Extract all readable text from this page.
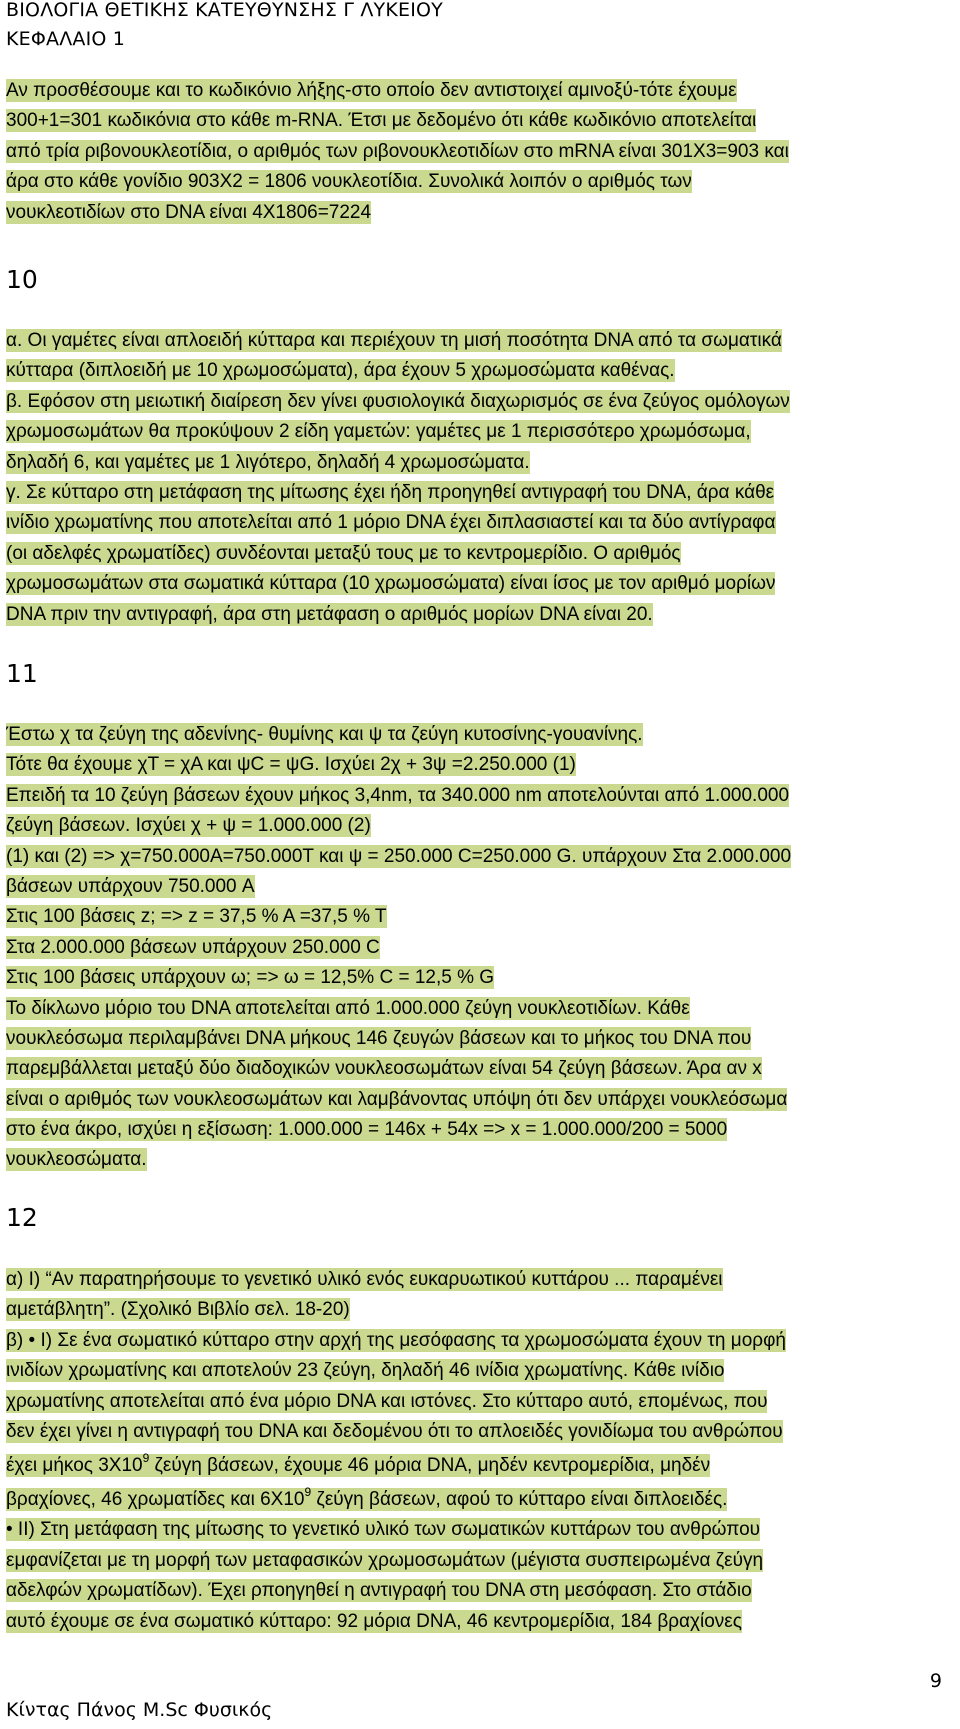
ΒΙΟΛΟΓΙΑ ΘΕΤΙΚΗΣ ΚΑΤΕΥΘΥΝΣΗΣ Γ ΛΥΚΕΙΟΥ
ΚΕΦΑΛΑΙΟ 1
Αν προσθέσουμε και το κωδικόνιο λήξης-στο οποίο δεν αντιστοιχεί αμινοξύ-τότε έχουμε
300+1=301 κωδικόνια στο κάθε m-RNA. Έτσι με δεδομένο ότι κάθε κωδικόνιο αποτελείται
από τρία ριβονουκλεοτίδια, ο αριθμός των ριβονουκλεοτιδίων στο mRNA είναι 301X3=903 και
άρα στο κάθε γονίδιο 903X2 = 1806 νουκλεοτίδια. Συνολικά λοιπόν ο αριθμός των
νουκλεοτιδίων στο DNA είναι 4X1806=7224
10
α. Οι γαμέτες είναι απλοειδή κύτταρα και περιέχουν τη μισή ποσότητα DNA από τα σωματικά
κύτταρα (διπλοειδή με 10 χρωμοσώματα), άρα έχουν 5 χρωμοσώματα καθένας.
β. Εφόσον στη μειωτική διαίρεση δεν γίνει φυσιολογικά διαχωρισμός σε ένα ζεύγος ομόλογων
χρωμοσωμάτων θα προκύψουν 2 είδη γαμετών: γαμέτες με 1 περισσότερο χρωμόσωμα,
δηλαδή 6, και γαμέτες με 1 λιγότερο, δηλαδή 4 χρωμοσώματα.
γ. Σε κύτταρο στη μετάφαση της μίτωσης έχει ήδη προηγηθεί αντιγραφή του DNA, άρα κάθε
ινίδιο χρωματίνης που αποτελείται από 1 μόριο DNA έχει διπλασιαστεί και τα δύο αντίγραφα
(οι αδελφές χρωματίδες) συνδέονται μεταξύ τους με το κεντρομερίδιο. Ο αριθμός
χρωμοσωμάτων στα σωματικά κύτταρα (10 χρωμοσώματα) είναι ίσος με τον αριθμό μορίων
DNA πριν την αντιγραφή, άρα στη μετάφαση ο αριθμός μορίων DNA είναι 20.
11
Έστω χ τα ζεύγη της αδενίνης- θυμίνης και ψ τα ζεύγη κυτοσίνης-γουανίνης.
Τότε θα έχουμε χT = χA και ψC = ψG. Ισχύει 2χ + 3ψ =2.250.000 (1)
Επειδή τα 10 ζεύγη βάσεων έχουν μήκος 3,4nm, τα 340.000 nm αποτελούνται από 1.000.000
ζεύγη βάσεων. Ισχύει χ + ψ = 1.000.000 (2)
(1) και (2) => χ=750.000A=750.000T και ψ = 250.000 C=250.000 G. υπάρχουν Στα 2.000.000
βάσεων υπάρχουν 750.000 A
Στις 100 βάσεις z; => z = 37,5 % A =37,5 % T
Στα 2.000.000 βάσεων υπάρχουν 250.000 C
Στις 100 βάσεις υπάρχουν ω; => ω = 12,5% C = 12,5 % G
Το δίκλωνο μόριο του DNA αποτελείται από 1.000.000 ζεύγη νουκλεοτιδίων. Κάθε
νουκλεόσωμα περιλαμβάνει DNA μήκους 146 ζευγών βάσεων και το μήκος του DNA που
παρεμβάλλεται μεταξύ δύο διαδοχικών νουκλεοσωμάτων είναι 54 ζεύγη βάσεων. Άρα αν x
είναι ο αριθμός των νουκλεοσωμάτων και λαμβάνοντας υπόψη ότι δεν υπάρχει νουκλεόσωμα
στο ένα άκρο, ισχύει η εξίσωση: 1.000.000 = 146x + 54x => x = 1.000.000/200 = 5000
νουκλεοσώματα.
12
α) I) “Αν παρατηρήσουμε το γενετικό υλικό ενός ευκαρυωτικού κυττάρου ... παραμένει
αμετάβλητη”. (Σχολικό Βιβλίο σελ. 18-20)
β) • I) Σε ένα σωματικό κύτταρο στην αρχή της μεσόφασης τα χρωμοσώματα έχουν τη μορφή
ινιδίων χρωματίνης και αποτελούν 23 ζεύγη, δηλαδή 46 ινίδια χρωματίνης. Κάθε ινίδιο
χρωματίνης αποτελείται από ένα μόριο DNA και ιστόνες. Στο κύτταρο αυτό, επομένως, που
δεν έχει γίνει η αντιγραφή του DNA και δεδομένου ότι το απλοειδές γονιδίωμα του ανθρώπου
έχει μήκος $3X10^9$ ζεύγη βάσεων, έχουμε 46 μόρια DNA, μηδέν κεντρομερίδια, μηδέν
βραχίονες, 46 χρωματίδες και $6X10^9$ ζεύγη βάσεων, αφού το κύτταρο είναι διπλοειδές.
• II) Στη μετάφαση της μίτωσης το γενετικό υλικό των σωματικών κυττάρων του ανθρώπου
εμφανίζεται με τη μορφή των μεταφασικών χρωμοσωμάτων (μέγιστα συσπειρωμένα ζεύγη
αδελφών χρωματίδων). Έχει ρποηγηθεί η αντιγραφή του DNA στη μεσόφαση. Στο στάδιο
αυτό έχουμε σε ένα σωματικό κύτταρο: 92 μόρια DNA, 46 κεντρομερίδια, 184 βραχίονες
9
Κίντας Πάνος M.Sc Φυσικός
